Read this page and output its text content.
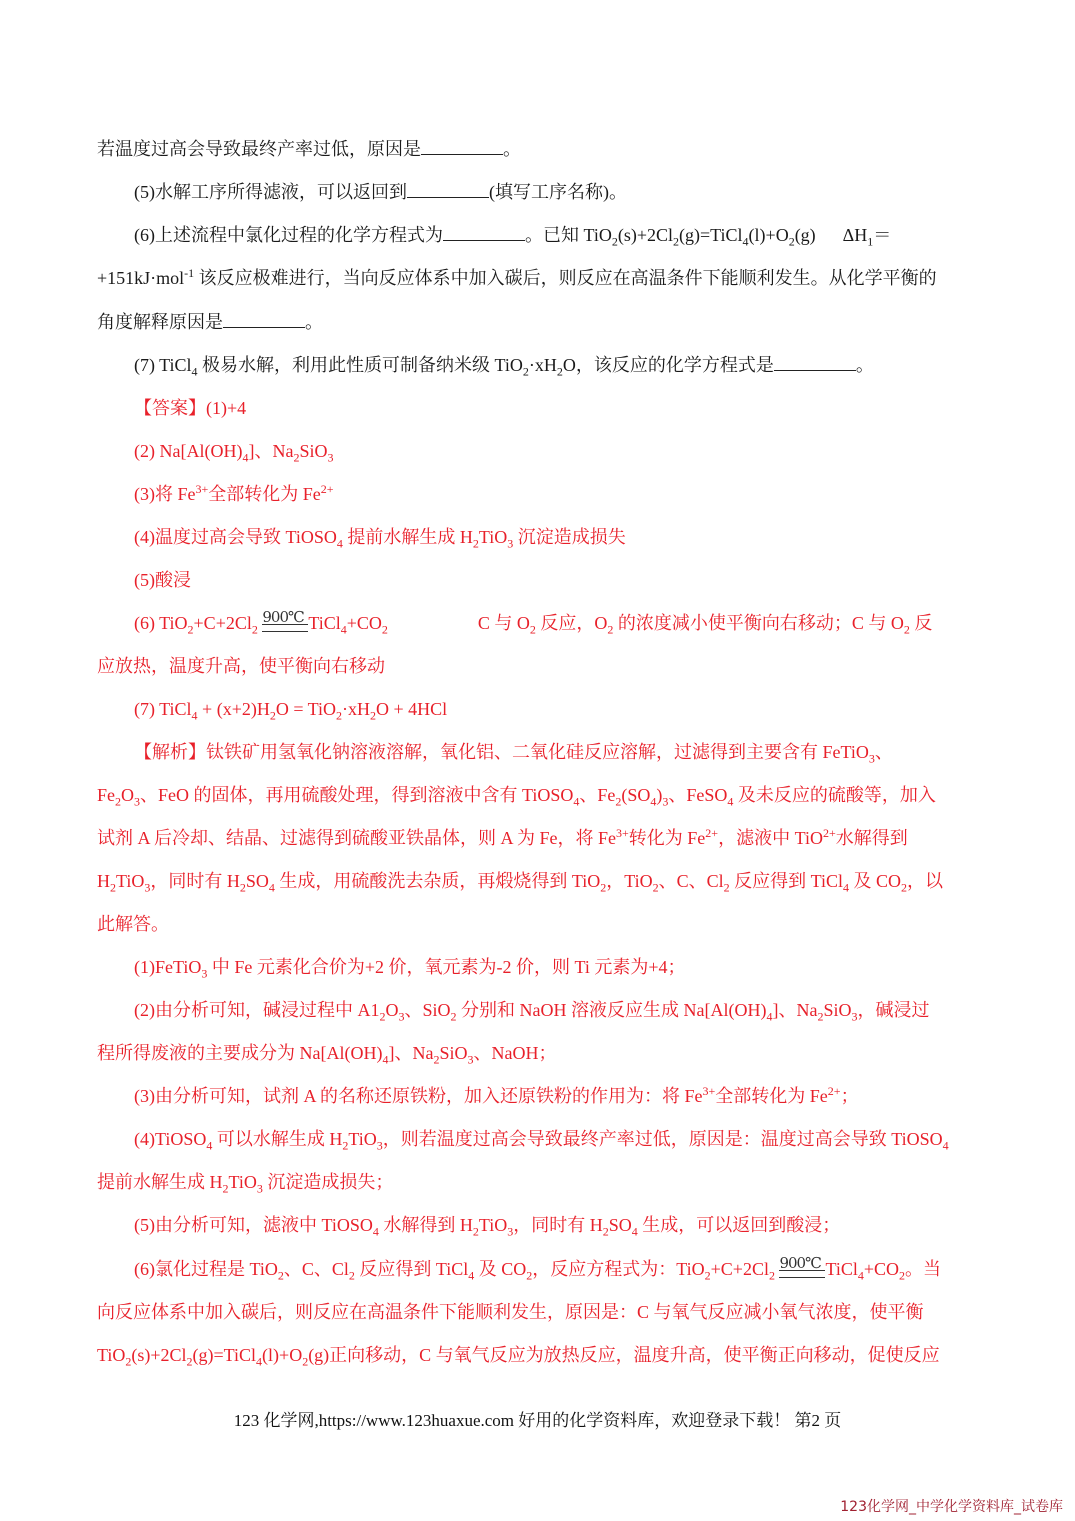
若温度过高会导致最终产率过低，原因是	。
(5)水解工序所得滤液，可以返回到	(填写工序名称)。
(6)上述流程中氯化过程的化学方程式为	。已知 $TiO_2(s)+2Cl_2(g)=TiCl_4(l)+O_2(g)$      $\Delta H_1=$
+151kJ·mol$^{-1}$ 该反应极难进行，当向反应体系中加入碳后，则反应在高温条件下能顺利发生。从化学平衡的
角度解释原因是	。
(7) TiCl$_4$ 极易水解，利用此性质可制备纳米级 $TiO_2\cdot xH_2O$，该反应的化学方程式是	。
【答案】(1)+4
(2) $Na[Al(OH)_4]$、$Na_2SiO_3$
(3)将 $Fe^{3+}$全部转化为 $Fe^{2+}$
(4)温度过高会导致 TiOSO$_4$ 提前水解生成 $H_2TiO_3$ 沉淀造成损失
(5)酸浸
(6) $TiO_2+C+2Cl_2$
900℃ $TiCl_4+CO_2$                    C 与 $O_2$ 反应，$O_2$ 的浓度减小使平衡向右移动；C 与 $O_2$ 反
应放热，温度升高，使平衡向右移动
(7) TiCl$_4$ + $(x+2)H_2O = TiO_2\cdot xH_2O + 4HCl$
【解析】钛铁矿用氢氧化钠溶液溶解，氧化铝、二氧化硅反应溶解，过滤得到主要含有 FeTiO$_3$、
$Fe_2O_3$、FeO 的固体，再用硫酸处理，得到溶液中含有 TiOSO$_4$、$Fe_2(SO_4)_3$、FeSO$_4$ 及未反应的硫酸等，加入
试剂 A 后冷却、结晶、过滤得到硫酸亚铁晶体，则 A 为 Fe，将 $Fe^{3+}$转化为 $Fe^{2+}$，滤液中 TiO$^{2+}$水解得到
$H_2TiO_3$，同时有 $H_2SO_4$ 生成，用硫酸洗去杂质，再煅烧得到 TiO$_2$，TiO$_2$、C、$Cl_2$ 反应得到 TiCl$_4$ 及 $CO_2$，以
此解答。
(1)FeTiO$_3$ 中 Fe 元素化合价为+2 价，氧元素为-2 价，则 Ti 元素为+4；
(2)由分析可知，碱浸过程中 $A1_2O_3$、SiO$_2$ 分别和 NaOH 溶液反应生成 $Na[Al(OH)_4]$、$Na_2SiO_3$，碱浸过
程所得废液的主要成分为 $Na[Al(OH)_4]$、$Na_2SiO_3$、NaOH；
(3)由分析可知，试剂 A 的名称还原铁粉，加入还原铁粉的作用为：将 $Fe^{3+}$全部转化为 $Fe^{2+}$；
(4)TiOSO$_4$ 可以水解生成 $H_2TiO_3$，则若温度过高会导致最终产率过低，原因是：温度过高会导致 TiOSO$_4$
提前水解生成 $H_2TiO_3$ 沉淀造成损失；
(5)由分析可知，滤液中 TiOSO$_4$ 水解得到 $H_2TiO_3$，同时有 $H_2SO_4$ 生成，可以返回到酸浸；
(6)氯化过程是 TiO$_2$、C、$Cl_2$ 反应得到 TiCl$_4$ 及 $CO_2$，反应方程式为：$TiO_2+C+2Cl_2$
900℃ $TiCl_4+CO_2$。当
向反应体系中加入碳后，则反应在高温条件下能顺利发生，原因是：C 与氧气反应减小氧气浓度，使平衡
$TiO_2(s)+2Cl_2(g)=TiCl_4(l)+O_2(g)$正向移动，C 与氧气反应为放热反应，温度升高，使平衡正向移动，促使反应
123 化学网,https://www.123huaxue.com 好用的化学资料库，欢迎登录下载！ 第2 页
123化学网_中学化学资料库_试卷库
